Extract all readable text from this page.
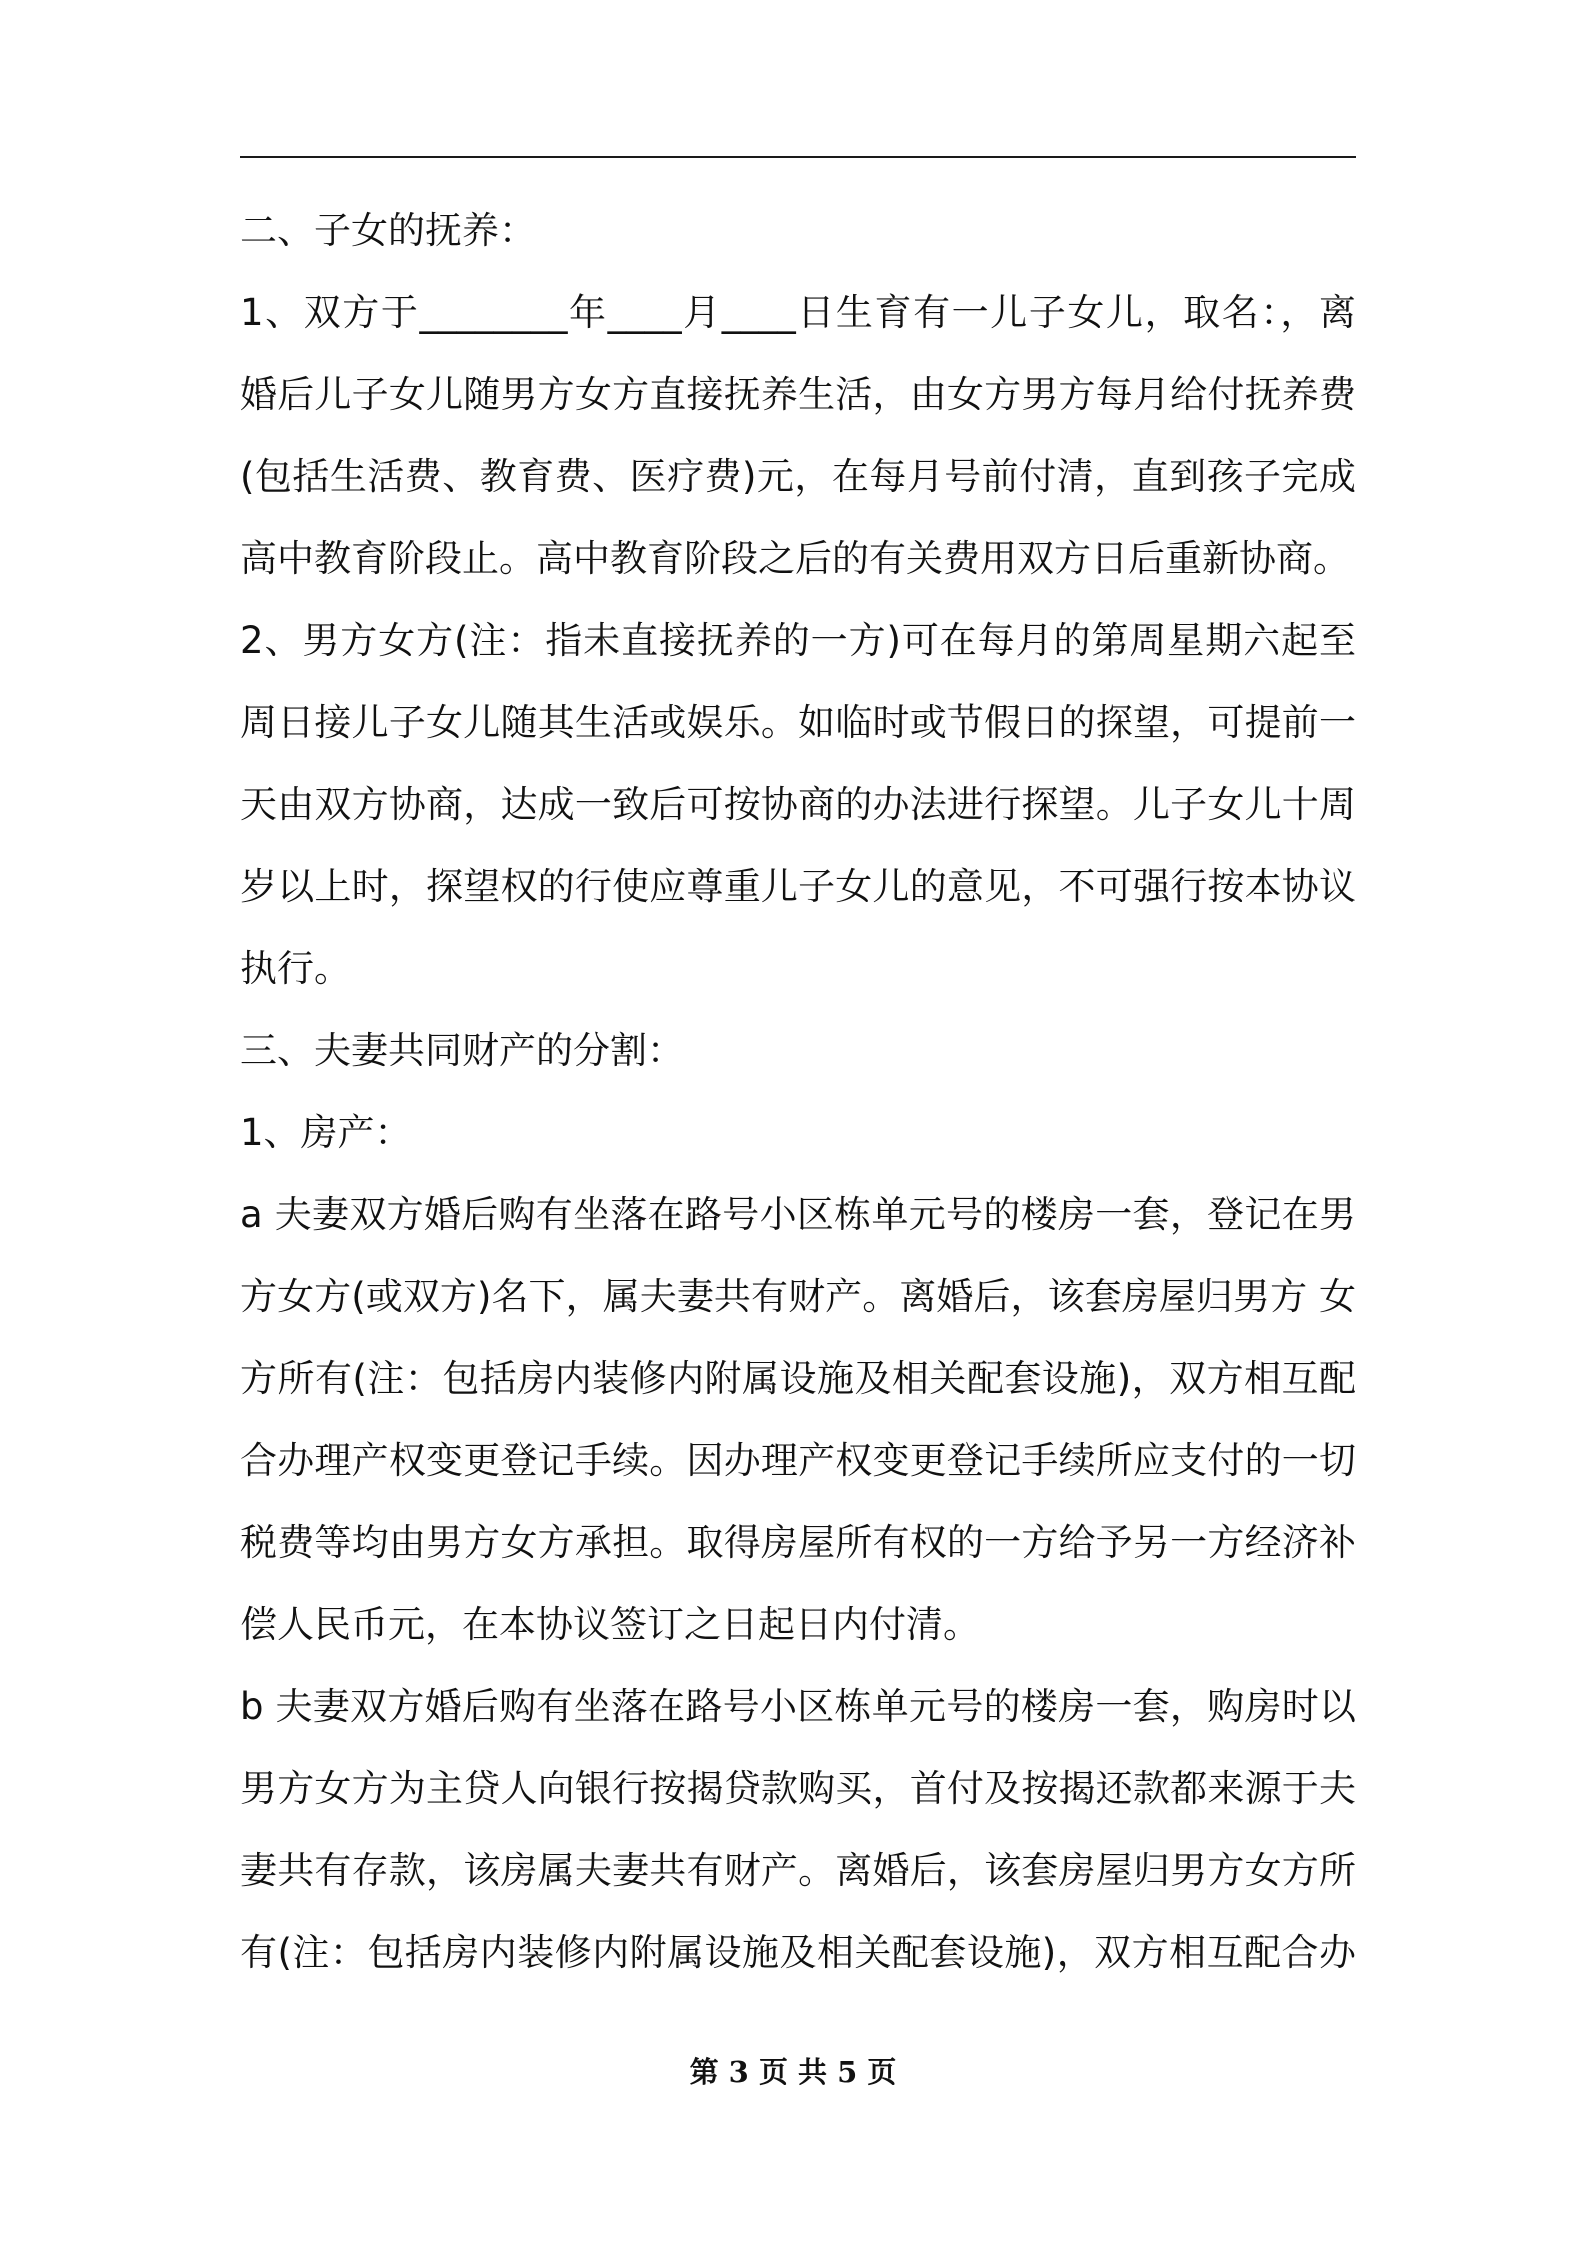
二、子女的抚养：
1、双方于________年____月____日生育有一儿子女儿，取名：，离
婚后儿子女儿随男方女方直接抚养生活，由女方男方每月给付抚养费
(包括生活费、教育费、医疗费)元，在每月号前付清，直到孩子完成
高中教育阶段止。高中教育阶段之后的有关费用双方日后重新协商。
2、男方女方(注：指未直接抚养的一方)可在每月的第周星期六起至
周日接儿子女儿随其生活或娱乐。如临时或节假日的探望，可提前一
天由双方协商，达成一致后可按协商的办法进行探望。儿子女儿十周
岁以上时，探望权的行使应尊重儿子女儿的意见，不可强行按本协议
执行。
三、夫妻共同财产的分割：
1、房产：
a 夫妻双方婚后购有坐落在路号小区栋单元号的楼房一套，登记在男
方女方(或双方)名下，属夫妻共有财产。离婚后，该套房屋归男方 女
方所有(注：包括房内装修内附属设施及相关配套设施)，双方相互配
合办理产权变更登记手续。因办理产权变更登记手续所应支付的一切
税费等均由男方女方承担。取得房屋所有权的一方给予另一方经济补
偿人民币元，在本协议签订之日起日内付清。
b 夫妻双方婚后购有坐落在路号小区栋单元号的楼房一套，购房时以
男方女方为主贷人向银行按揭贷款购买，首付及按揭还款都来源于夫
妻共有存款，该房属夫妻共有财产。离婚后，该套房屋归男方女方所
有(注：包括房内装修内附属设施及相关配套设施)，双方相互配合办
第 3 页 共 5 页
